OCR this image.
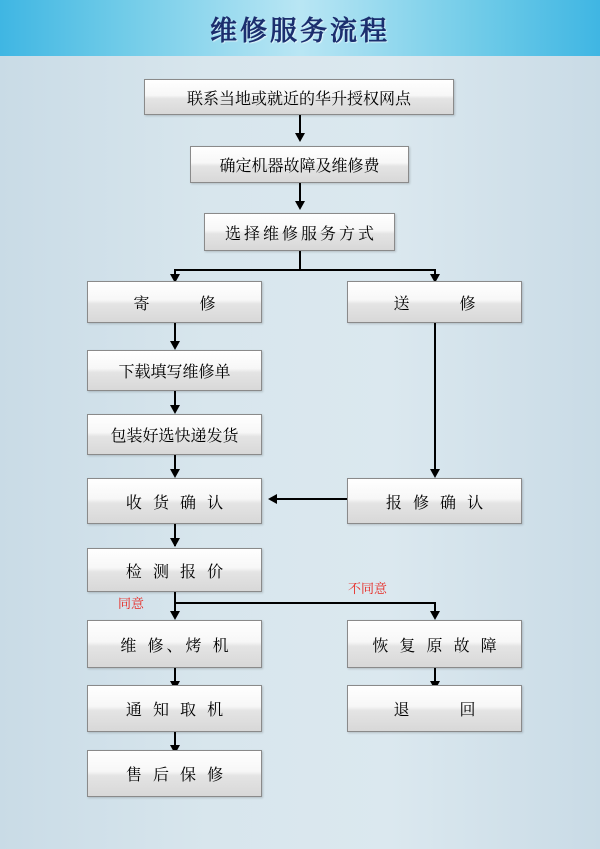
维修服务流程
同意
不同意
联系当地或就近的华升授权网点
确定机器故障及维修费
选择维修服务方式
寄　　修	送　　修
下载填写维修单
包装好选快递发货
收 货 确 认	报 修 确 认
检 测 报 价
维 修、烤 机	恢 复 原 故 障
通 知 取 机	退　　回
售 后 保 修
